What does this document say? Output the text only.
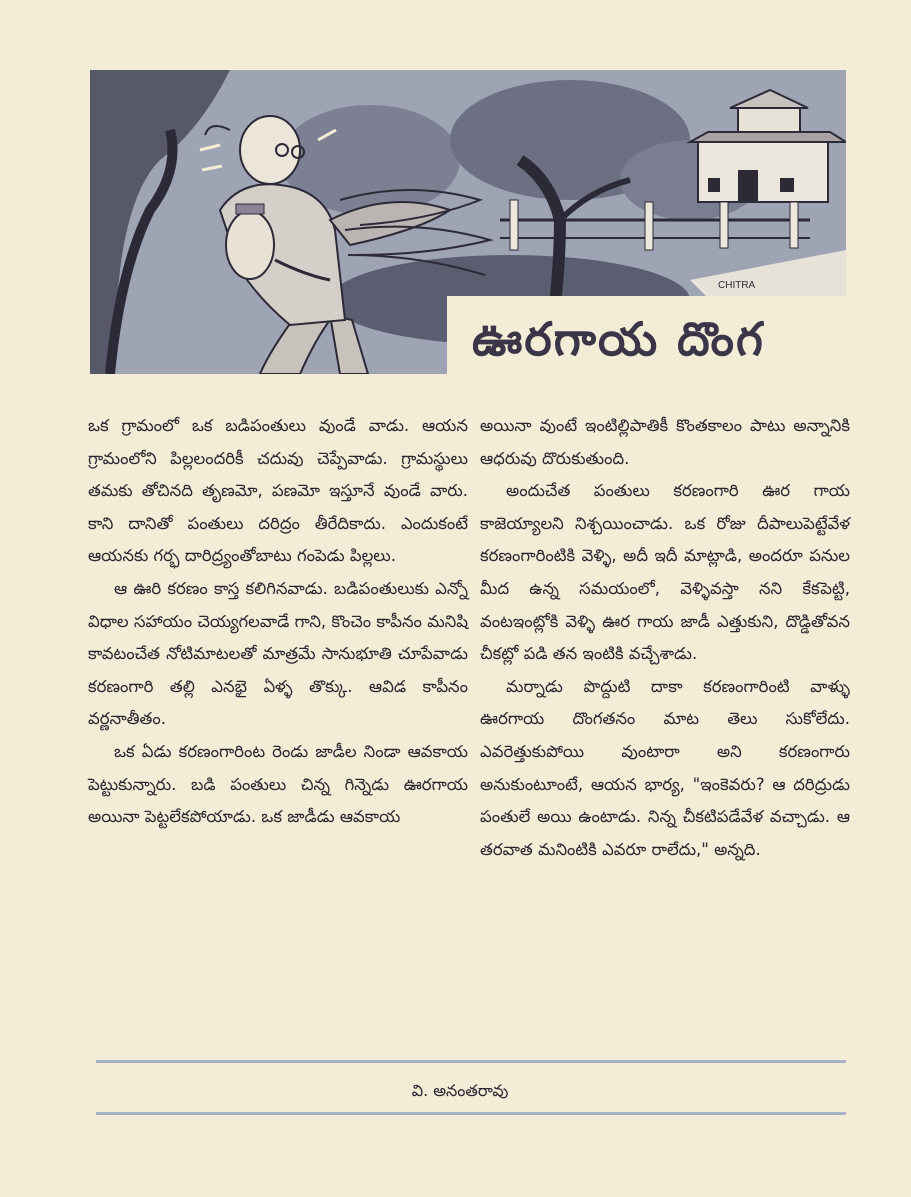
CHITRA
ఊరగాయ దొంగ

ఒక గ్రామంలో ఒక బడిపంతులు వుండే వాడు. ఆయన గ్రామంలోని పిల్లలందరికీ చదువు చెప్పేవాడు. గ్రామస్థులు తమకు తోచినది తృణమో, పణమో ఇస్తూనే వుండే వారు. కాని దానితో పంతులు దరిద్రం తీరేదికాదు. ఎందుకంటే ఆయనకు గర్భ దారిద్ర్యంతోబాటు గంపెడు పిల్లలు.

ఆ ఊరి కరణం కాస్త కలిగినవాడు. బడిపంతులుకు ఎన్నో విధాల సహాయం చెయ్యగలవాడే గాని, కొంచెం కాపీనం మనిషి కావటంచేత నోటిమాటలతో మాత్రమే సానుభూతి చూపేవాడు కరణంగారి తల్లి ఎనభై ఏళ్ళ తొక్కు. ఆవిడ కాపీనం వర్ణనాతీతం.

ఒక ఏడు కరణంగారింట రెండు జాడీల నిండా ఆవకాయ పెట్టుకున్నారు. బడి పంతులు చిన్న గిన్నెడు ఊరగాయ అయినా పెట్టలేకపోయాడు. ఒక జాడీడు ఆవకాయ

అయినా వుంటే ఇంటిల్లిపాతికీ కొంతకాలం పాటు అన్నానికి ఆధరువు దొరుకుతుంది.

అందుచేత పంతులు కరణంగారి ఊర గాయ కాజెయ్యాలని నిశ్చయించాడు. ఒక రోజు దీపాలుపెట్టేవేళ కరణంగారింటికి వెళ్ళి, అదీ ఇదీ మాట్లాడి, అందరూ పనుల మీద ఉన్న సమయంలో, వెళ్ళివస్తా నని కేకపెట్టి, వంటఇంట్లోకి వెళ్ళి ఊర గాయ జాడీ ఎత్తుకుని, దొడ్డితోవన చీకట్లో పడి తన ఇంటికి వచ్చేశాడు.

మర్నాడు పొద్దుటి దాకా కరణంగారింటి వాళ్ళు ఊరగాయ దొంగతనం మాట తెలు సుకోలేదు. ఎవరెత్తుకుపోయి వుంటారా అని కరణంగారు అనుకుంటూంటే, ఆయన భార్య, "ఇంకెవరు? ఆ దరిద్రుడు పంతులే అయి ఉంటాడు. నిన్న చీకటిపడేవేళ వచ్చాడు. ఆ తరవాత మనింటికి ఎవరూ రాలేదు," అన్నది.

వి. అనంతరావు
